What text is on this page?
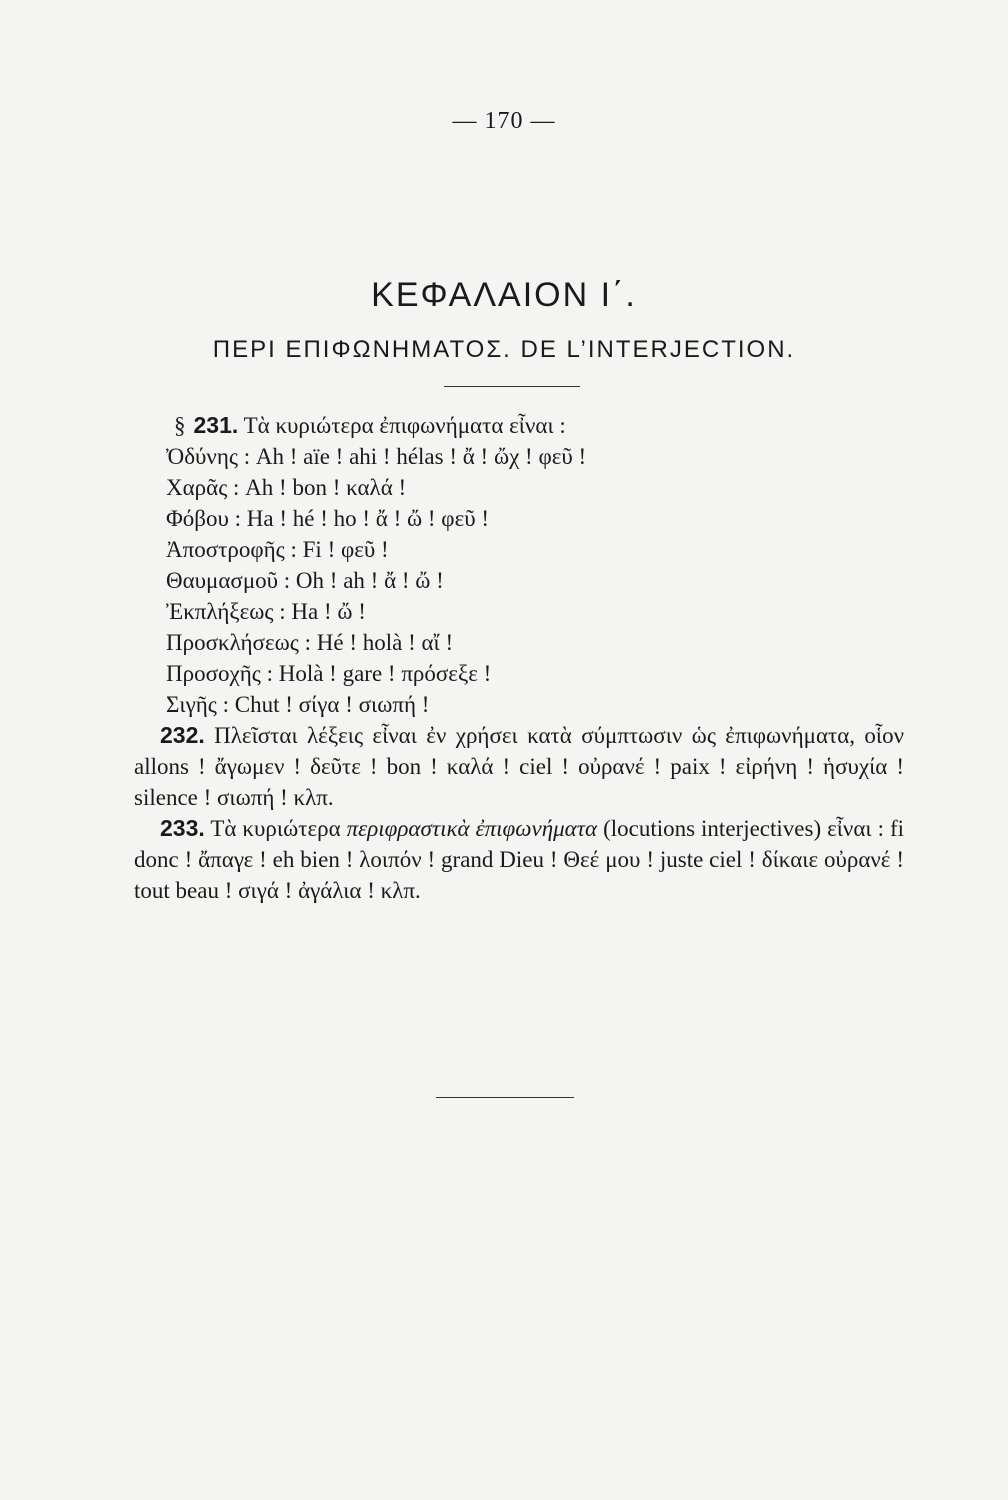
— 170 —
ΚΕΦΑΛΑΙΟΝ Ι΄.
ΠΕΡΙ ΕΠΙΦΩΝΗΜΑΤΟΣ. DE L’INTERJECTION.
§ 231. Τὰ κυριώτερα ἐπιφωνήματα εἶναι :
Ὀδύνης : Ah ! aïe ! ahi ! hélas ! ἄ ! ὤχ ! φεῦ !
Χαρᾶς : Ah ! bon ! καλά !
Φόβου : Ha ! hé ! ho ! ἄ ! ὤ ! φεῦ !
Ἀποστροφῆς : Fi ! φεῦ !
Θαυμασμοῦ : Oh ! ah ! ἄ ! ὤ !
Ἐκπλήξεως : Ha ! ὤ !
Προσκλήσεως : Hé ! holà ! αἴ !
Προσοχῆς : Holà ! gare ! πρόσεξε !
Σιγῆς : Chut ! σίγα ! σιωπή !
232. Πλεῖσται λέξεις εἶναι ἐν χρήσει κατὰ σύμπτωσιν ὡς ἐπιφωνήματα, οἷον allons ! ἄγωμεν ! δεῦτε ! bon ! καλά ! ciel ! οὐρανέ ! paix ! εἰρήνη ! ἡσυχία ! silence ! σιωπή ! κλπ.
233. Τὰ κυριώτερα περιφραστικὰ ἐπιφωνήματα (locutions interjectives) εἶναι : fi donc ! ἄπαγε ! eh bien ! λοιπόν ! grand Dieu ! Θεέ μου ! juste ciel ! δίκαιε οὐρανέ ! tout beau ! σιγά ! ἀγάλια ! κλπ.
